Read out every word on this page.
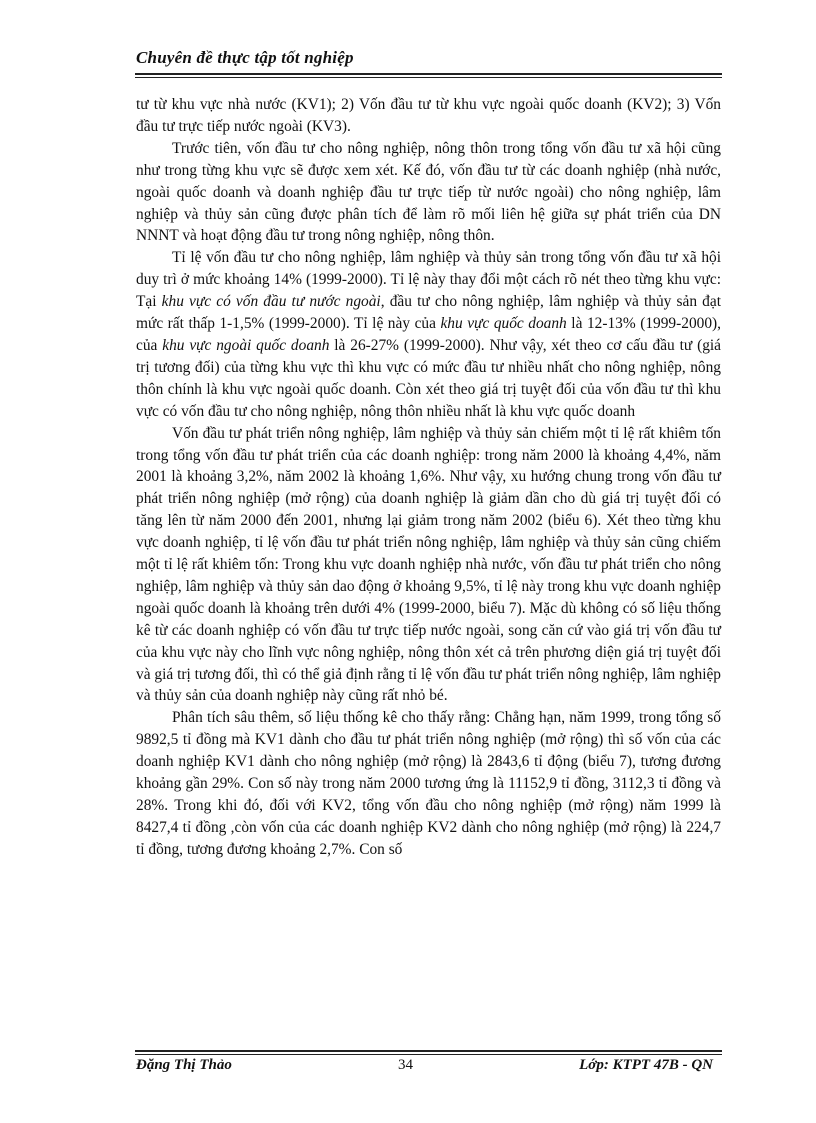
Chuyên đề thực tập tốt nghiệp

tư từ khu vực nhà nước (KV1); 2) Vốn đầu tư từ khu vực ngoài quốc doanh (KV2); 3) Vốn đầu tư trực tiếp nước ngoài (KV3).

Trước tiên, vốn đầu tư cho nông nghiệp, nông thôn trong tổng vốn đầu tư xã hội cũng như trong từng khu vực sẽ được xem xét. Kế đó, vốn đầu tư từ các doanh nghiệp (nhà nước, ngoài quốc doanh và doanh nghiệp đầu tư trực tiếp từ nước ngoài) cho nông nghiệp, lâm nghiệp và thủy sản cũng được phân tích để làm rõ mối liên hệ giữa sự phát triển của DN NNNT và hoạt động đầu tư trong nông nghiệp, nông thôn.

Tỉ lệ vốn đầu tư cho nông nghiệp, lâm nghiệp và thủy sản trong tổng vốn đầu tư xã hội duy trì ở mức khoảng 14% (1999-2000). Tỉ lệ này thay đổi một cách rõ nét theo từng khu vực: Tại khu vực có vốn đầu tư nước ngoài, đầu tư cho nông nghiệp, lâm nghiệp và thủy sản đạt mức rất thấp 1-1,5% (1999-2000). Tỉ lệ này của khu vực quốc doanh là 12-13% (1999-2000), của khu vực ngoài quốc doanh là 26-27% (1999-2000). Như vậy, xét theo cơ cấu đầu tư (giá trị tương đối) của từng khu vực thì khu vực có mức đầu tư nhiều nhất cho nông nghiệp, nông thôn chính là khu vực ngoài quốc doanh. Còn xét theo giá trị tuyệt đối của vốn đầu tư thì khu vực có vốn đầu tư cho nông nghiệp, nông thôn nhiều nhất là khu vực quốc doanh

Vốn đầu tư phát triển nông nghiệp, lâm nghiệp và thủy sản chiếm một tỉ lệ rất khiêm tốn trong tổng vốn đầu tư phát triển của các doanh nghiệp: trong năm 2000 là khoảng 4,4%, năm 2001 là khoảng 3,2%, năm 2002 là khoảng 1,6%. Như vậy, xu hướng chung trong vốn đầu tư phát triển nông nghiệp (mở rộng) của doanh nghiệp là giảm dần cho dù giá trị tuyệt đối có tăng lên từ năm 2000 đến 2001, nhưng lại giảm trong năm 2002 (biểu 6). Xét theo từng khu vực doanh nghiệp, tỉ lệ vốn đầu tư phát triển nông nghiệp, lâm nghiệp và thủy sản cũng chiếm một tỉ lệ rất khiêm tốn: Trong khu vực doanh nghiệp nhà nước, vốn đầu tư phát triển cho nông nghiệp, lâm nghiệp và thủy sản dao động ở khoảng 9,5%, tỉ lệ này trong khu vực doanh nghiệp ngoài quốc doanh là khoảng trên dưới 4% (1999-2000, biểu 7). Mặc dù không có số liệu thống kê từ các doanh nghiệp có vốn đầu tư trực tiếp nước ngoài, song căn cứ vào giá trị vốn đầu tư của khu vực này cho lĩnh vực nông nghiệp, nông thôn xét cả trên phương diện giá trị tuyệt đối và giá trị tương đối, thì có thể giả định rằng tỉ lệ vốn đầu tư phát triển nông nghiệp, lâm nghiệp và thủy sản của doanh nghiệp này cũng rất nhỏ bé.

Phân tích sâu thêm, số liệu thống kê cho thấy rằng: Chẳng hạn, năm 1999, trong tổng số 9892,5 tỉ đồng mà KV1 dành cho đầu tư phát triển nông nghiệp (mở rộng) thì số vốn của các doanh nghiệp KV1 dành cho nông nghiệp (mở rộng) là 2843,6 tỉ động (biểu 7), tương đương khoảng gần 29%. Con số này trong năm 2000 tương ứng là 11152,9 tỉ đồng, 3112,3 tỉ đồng và 28%. Trong khi đó, đối với KV2, tổng vốn đầu cho nông nghiệp (mở rộng) năm 1999 là 8427,4 tỉ đồng ,còn vốn của các doanh nghiệp KV2 dành cho nông nghiệp (mở rộng) là 224,7 tỉ đồng, tương đương khoảng 2,7%. Con số

Đặng Thị Thảo	34	Lớp: KTPT 47B - QN
